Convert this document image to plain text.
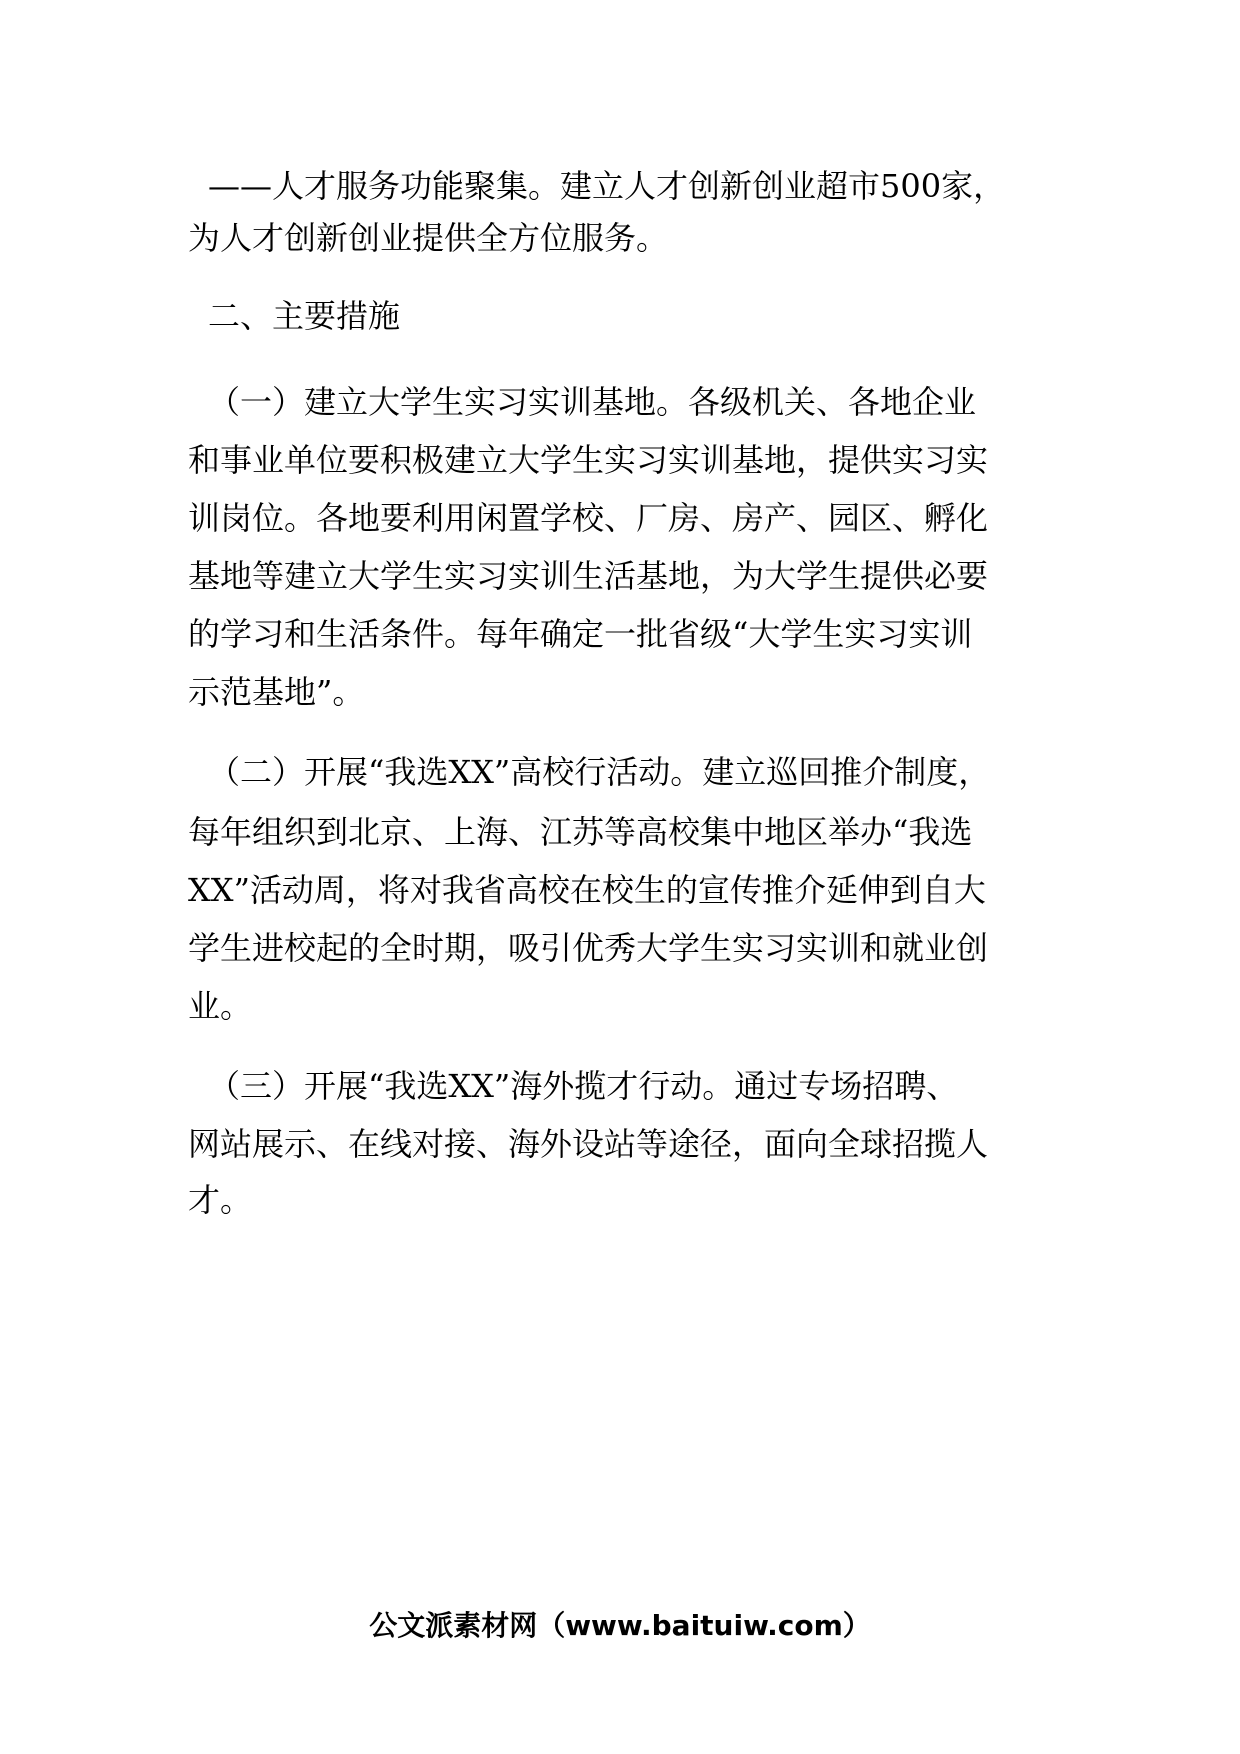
——人才服务功能聚集。建立人才创新创业超市500家，
为人才创新创业提供全方位服务。
二、主要措施
（一）建立大学生实习实训基地。各级机关、各地企业
和事业单位要积极建立大学生实习实训基地，提供实习实
训岗位。各地要利用闲置学校、厂房、房产、园区、孵化
基地等建立大学生实习实训生活基地，为大学生提供必要
的学习和生活条件。每年确定一批省级“大学生实习实训
示范基地”。
（二）开展“我选XX”高校行活动。建立巡回推介制度，
每年组织到北京、上海、江苏等高校集中地区举办“我选
XX”活动周，将对我省高校在校生的宣传推介延伸到自大
学生进校起的全时期，吸引优秀大学生实习实训和就业创
业。
（三）开展“我选XX”海外揽才行动。通过专场招聘、
网站展示、在线对接、海外设站等途径，面向全球招揽人
才。
公文派素材网（www.baituiw.com）
